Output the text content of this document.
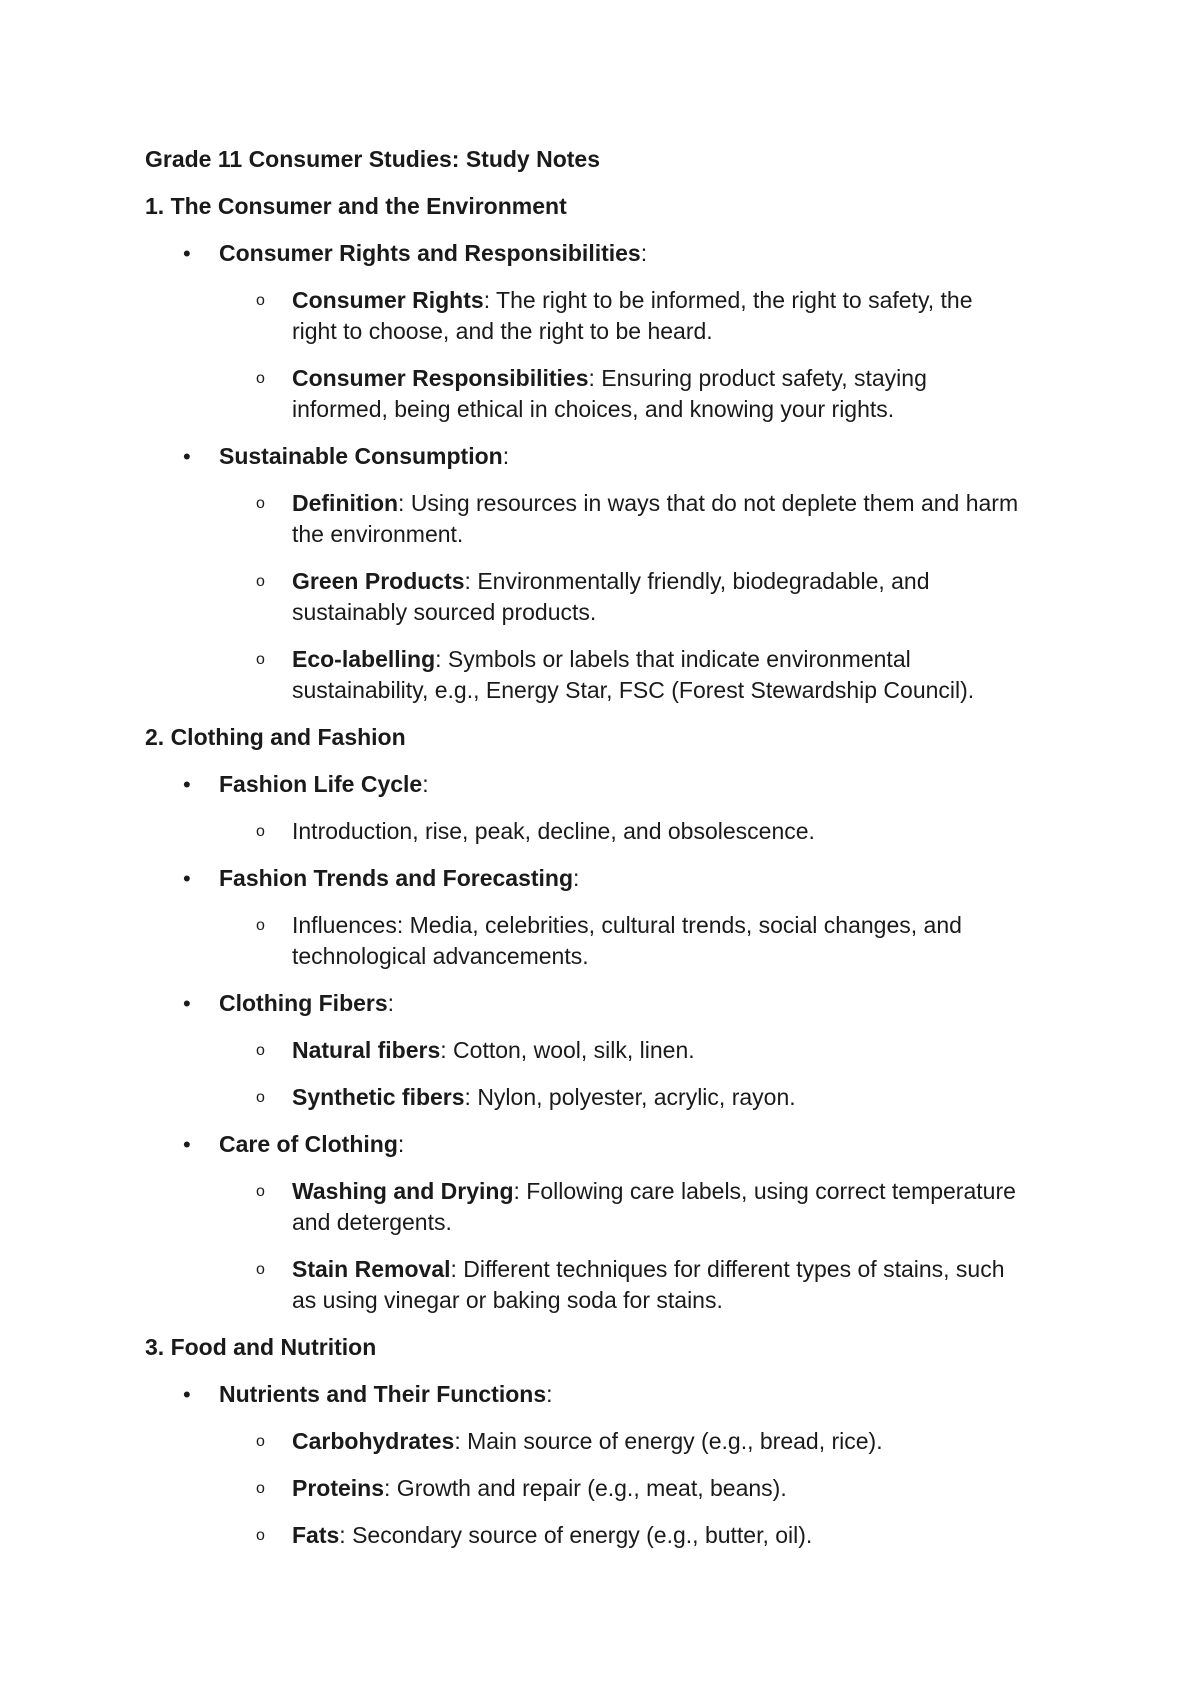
Grade 11 Consumer Studies: Study Notes
1. The Consumer and the Environment
• Consumer Rights and Responsibilities:
o Consumer Rights: The right to be informed, the right to safety, the
right to choose, and the right to be heard.
o Consumer Responsibilities: Ensuring product safety, staying
informed, being ethical in choices, and knowing your rights.
• Sustainable Consumption:
o Definition: Using resources in ways that do not deplete them and harm
the environment.
o Green Products: Environmentally friendly, biodegradable, and
sustainably sourced products.
o Eco-labelling: Symbols or labels that indicate environmental
sustainability, e.g., Energy Star, FSC (Forest Stewardship Council).
2. Clothing and Fashion
• Fashion Life Cycle:
o Introduction, rise, peak, decline, and obsolescence.
• Fashion Trends and Forecasting:
o Influences: Media, celebrities, cultural trends, social changes, and
technological advancements.
• Clothing Fibers:
o Natural fibers: Cotton, wool, silk, linen.
o Synthetic fibers: Nylon, polyester, acrylic, rayon.
• Care of Clothing:
o Washing and Drying: Following care labels, using correct temperature
and detergents.
o Stain Removal: Different techniques for different types of stains, such
as using vinegar or baking soda for stains.
3. Food and Nutrition
• Nutrients and Their Functions:
o Carbohydrates: Main source of energy (e.g., bread, rice).
o Proteins: Growth and repair (e.g., meat, beans).
o Fats: Secondary source of energy (e.g., butter, oil).
